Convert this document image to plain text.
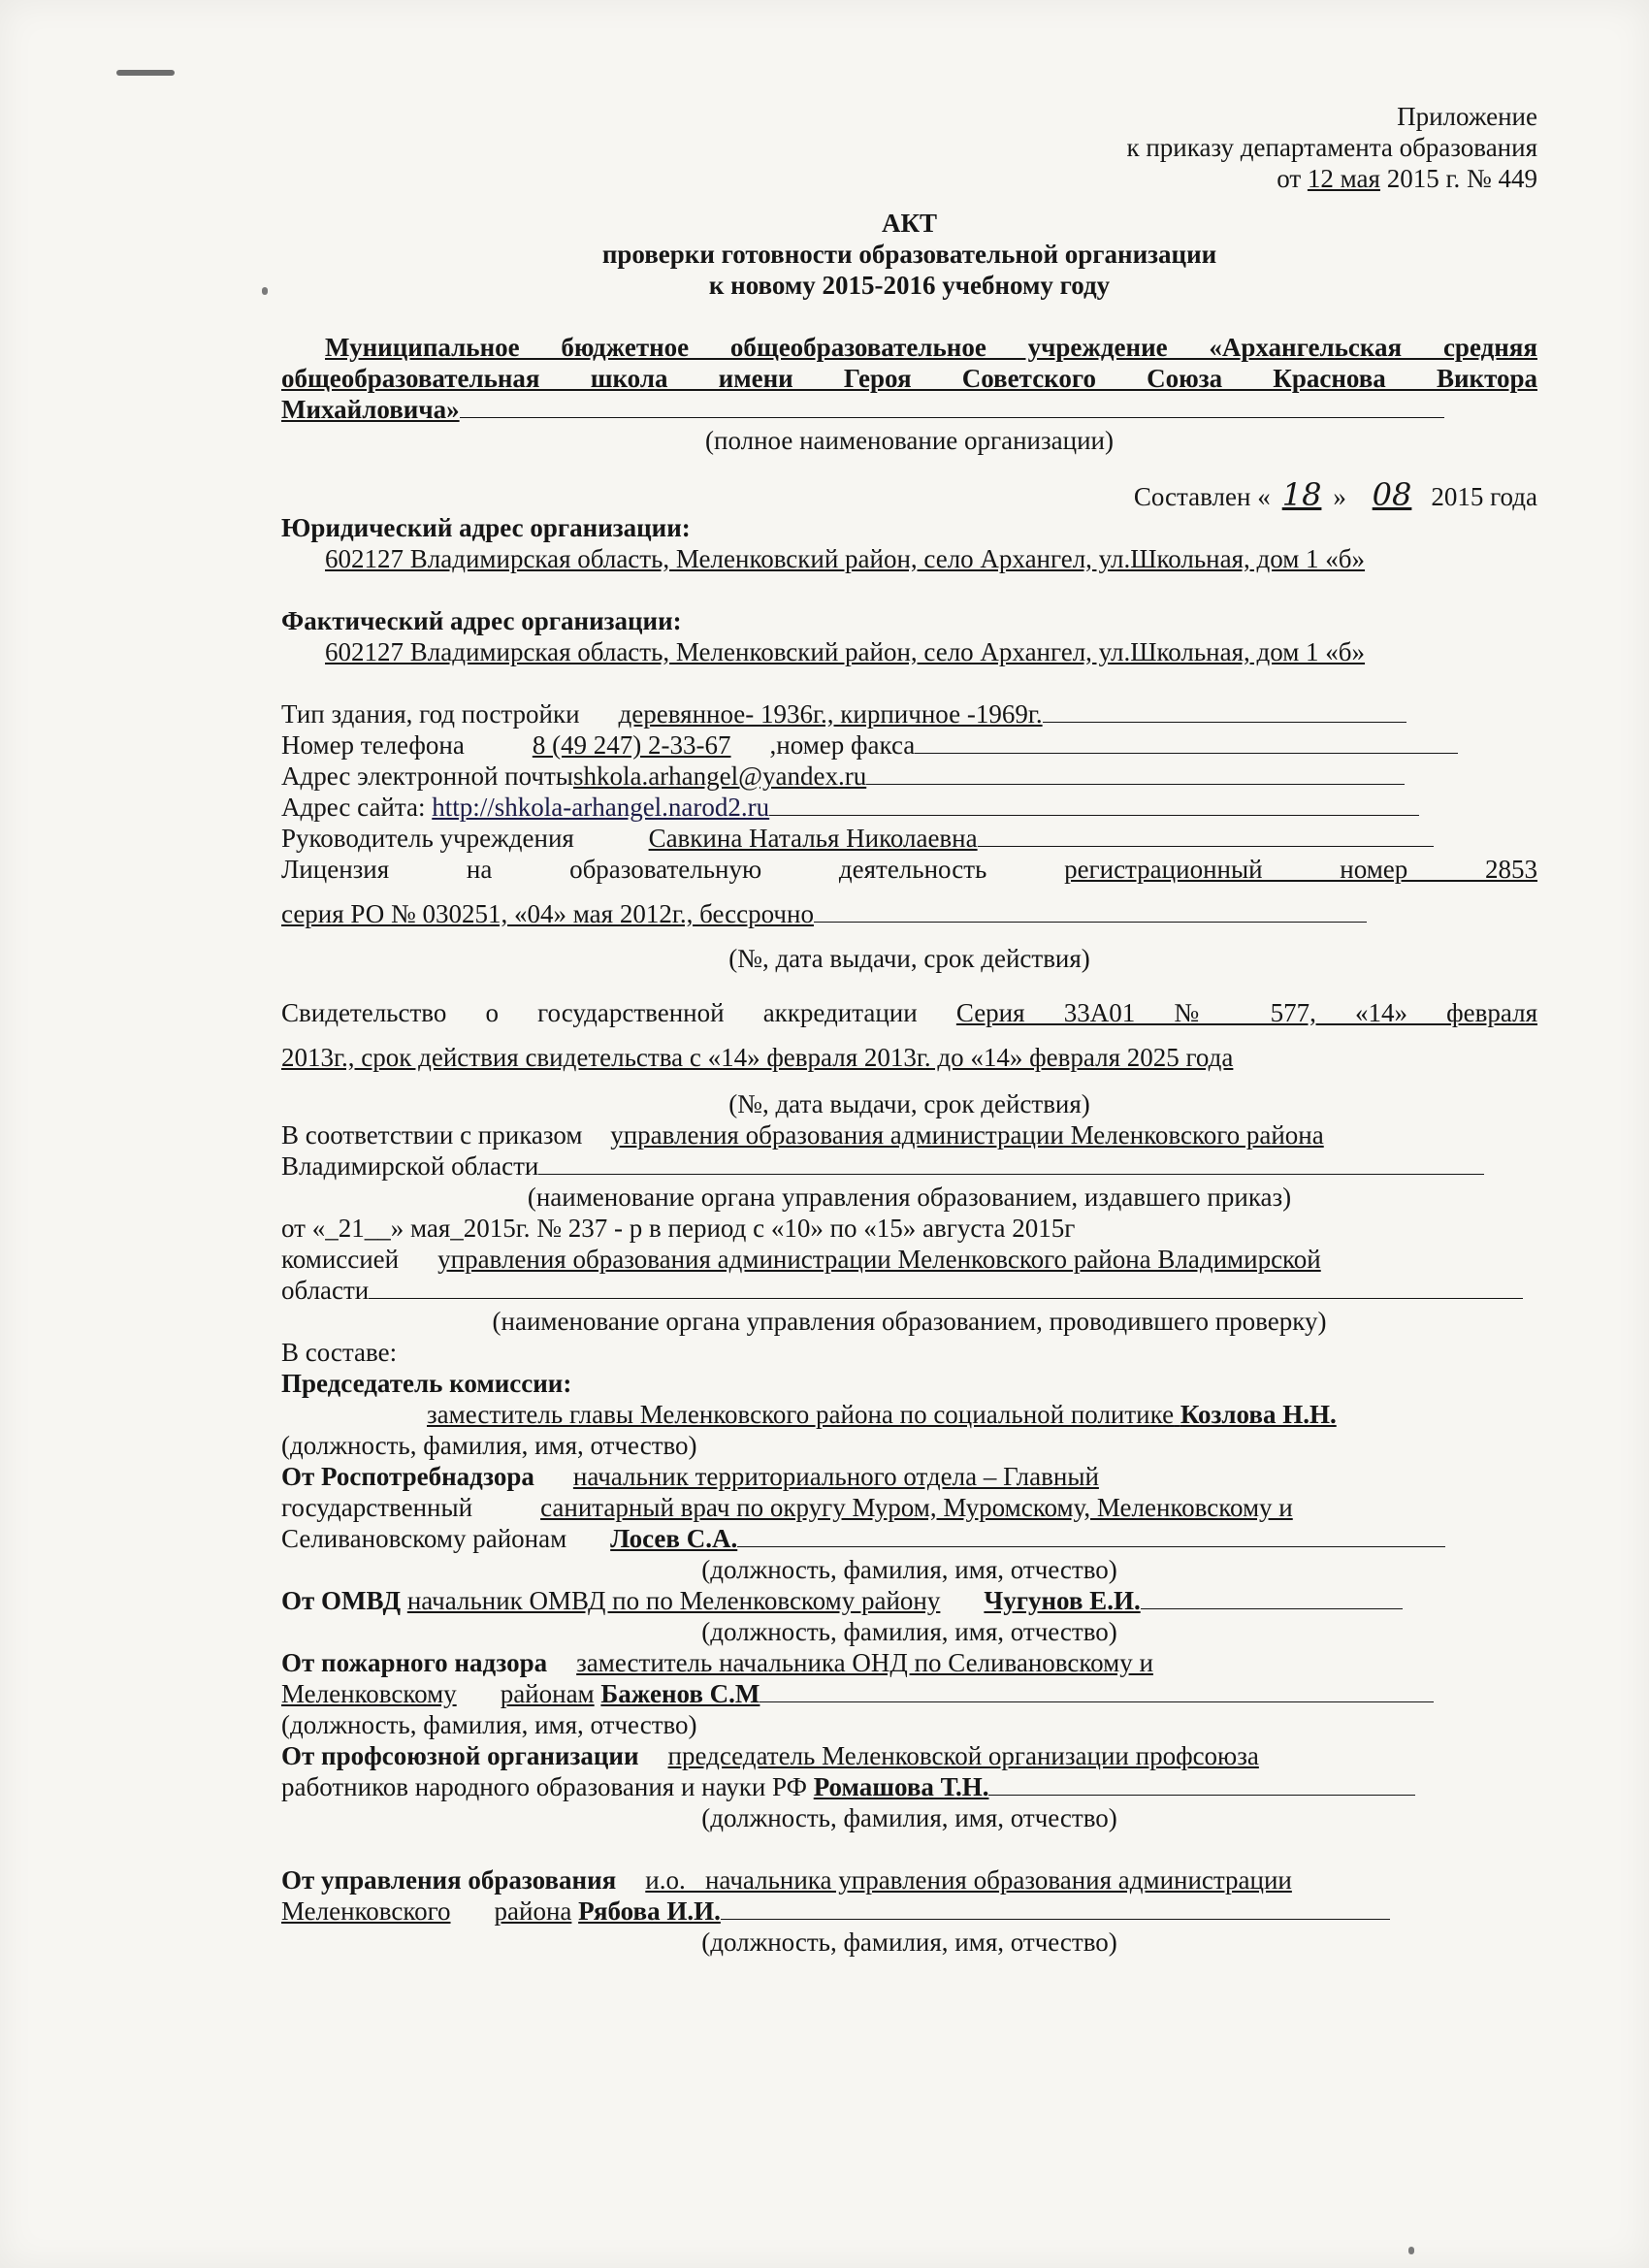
Приложение
к приказу департамента образования
от 12 мая 2015 г. № 449
АКТ
проверки готовности образовательной организации
к новому 2015-2016 учебному году
Муниципальное бюджетное общеобразовательное учреждение «Архангельская средняя
общеобразовательная школа имени Героя Советского Союза Краснова Виктора
Михайловича»
(полное наименование организации)
Составлен « 18 » 08 2015 года
Юридический адрес организации:
602127 Владимирская область, Меленковский район, село Архангел, ул.Школьная, дом 1 «б»
Фактический адрес организации:
602127 Владимирская область, Меленковский район, село Архангел, ул.Школьная, дом 1 «б»
Тип здания, год постройки деревянное- 1936г., кирпичное -1969г.
Номер телефона	8 (49 247) 2-33-67 ,номер факса
Адрес электронной почтыshkola.arhangel@yandex.ru
Адрес сайта: http://shkola-arhangel.narod2.ru
Руководитель учреждения	Савкина Наталья Николаевна
Лицензия на образовательную деятельность	регистрационный номер 2853
серия РО № 030251, «04» мая 2012г., бессрочно
(№, дата выдачи, срок действия)
Свидетельство о государственной аккредитации Серия 33А01 № 577, «14» февраля
2013г., срок действия свидетельства с «14» февраля 2013г. до «14» февраля 2025 года
(№, дата выдачи, срок действия)
В соответствии с приказом управления образования администрации Меленковского района
Владимирской области
(наименование органа управления образованием, издавшего приказ)
от «_21__» мая_2015г. № 237 - р в период с «10» по «15» августа 2015г
комиссией управления образования администрации Меленковского района Владимирской
области
(наименование органа управления образованием, проводившего проверку)
В составе:
Председатель комиссии:
заместитель главы Меленковского района по социальной политике Козлова Н.Н.
(должность, фамилия, имя, отчество)
От Роспотребнадзора начальник территориального отдела – Главный
государственный	санитарный врач по округу Муром, Муромскому, Меленковскому и
Селивановскому районам Лосев С.А.
(должность, фамилия, имя, отчество)
От ОМВД начальник ОМВД по по Меленковскому району Чугунов Е.И.
(должность, фамилия, имя, отчество)
От пожарного надзора заместитель начальника ОНД по Селивановскому и
Меленковскому районам Баженов С.М
(должность, фамилия, имя, отчество)
От профсоюзной организации председатель Меленковской организации профсоюза
работников народного образования и науки РФ Ромашова Т.Н.
(должность, фамилия, имя, отчество)
От управления образования и.о._ начальника управления образования администрации
Меленковского района Рябова И.И.
(должность, фамилия, имя, отчество)
